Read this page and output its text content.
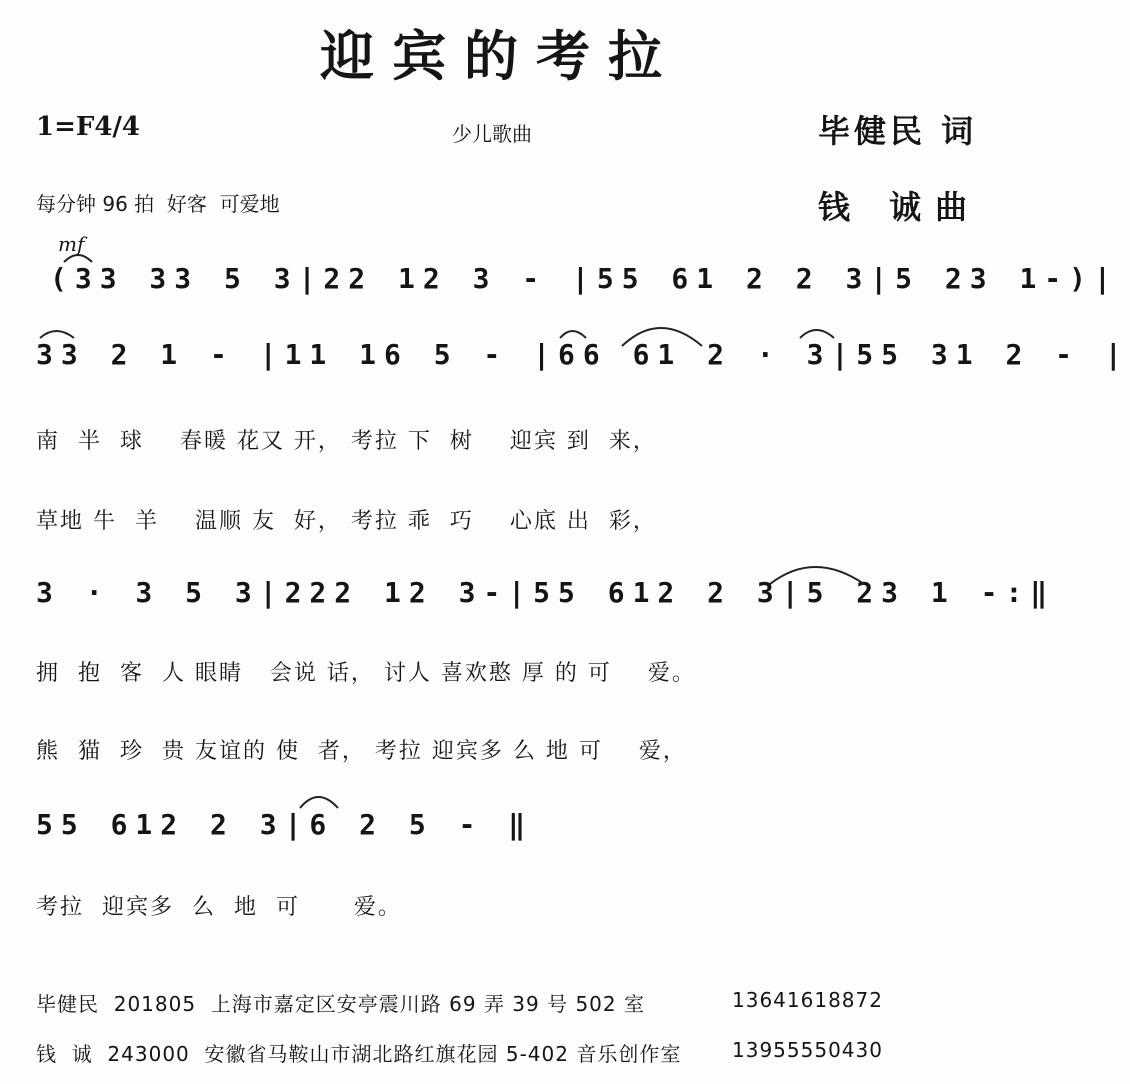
迎宾的考拉
1=F4/4	少儿歌曲	毕健民 词
每分钟 96 拍  好客  可爱地	钱 诚曲
mf
(33 33 5 3|22 12 3 - |55 61 2 2 3|5 23 1-)|
33 2 1 - |11 16 5 - |66 61 2 · 3|55 31 2 - |
南  半  球    春暖 花又 开， 考拉 下  树    迎宾 到  来，
草地 牛  羊    温顺 友  好， 考拉 乖  巧    心底 出  彩，
3 · 3 5 3|222 12 3-|55 612 2 3|5 23 1 -:‖
拥  抱  客  人 眼睛   会说 话， 讨人 喜欢憨 厚 的 可    爱。
熊  猫  珍  贵 友谊的 使  者， 考拉 迎宾多 么 地 可    爱，
55 612 2 3|6 2 5 - ‖
考拉  迎宾多  么  地  可      爱。
毕健民  201805  上海市嘉定区安亭震川路 69 弄 39 号 502 室	13641618872
钱  诚  243000  安徽省马鞍山市湖北路红旗花园 5-402 音乐创作室	13955550430
